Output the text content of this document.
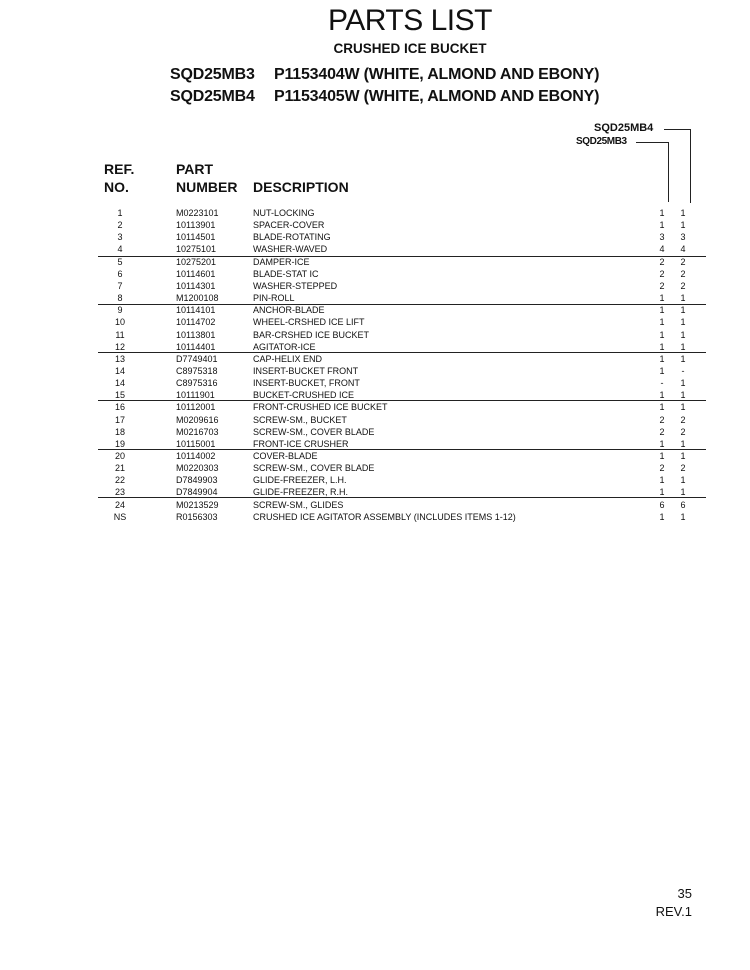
PARTS LIST
CRUSHED ICE BUCKET
SQD25MB3 P1153404W (WHITE, ALMOND AND EBONY)
SQD25MB4 P1153405W (WHITE, ALMOND AND EBONY)
SQD25MB4
SQD25MB3
REF.
NO.
PART
NUMBER DESCRIPTION
1	M0223101	NUT-LOCKING	1	1
2	10113901	SPACER-COVER	1	1
3	10114501	BLADE-ROTATING	3	3
4	10275101	WASHER-WAVED	4	4
5	10275201	DAMPER-ICE	2	2
6	10114601	BLADE-STAT IC	2	2
7	10114301	WASHER-STEPPED	2	2
8	M1200108	PIN-ROLL	1	1
9	10114101	ANCHOR-BLADE	1	1
10	10114702	WHEEL-CRSHED ICE LIFT	1	1
11	10113801	BAR-CRSHED ICE BUCKET	1	1
12	10114401	AGITATOR-ICE	1	1
13	D7749401	CAP-HELIX END	1	1
14	C8975318	INSERT-BUCKET FRONT	1	-
14	C8975316	INSERT-BUCKET, FRONT	-	1
15	10111901	BUCKET-CRUSHED ICE	1	1
16	10112001	FRONT-CRUSHED ICE BUCKET	1	1
17	M0209616	SCREW-SM., BUCKET	2	2
18	M0216703	SCREW-SM., COVER BLADE	2	2
19	10115001	FRONT-ICE CRUSHER	1	1
20	10114002	COVER-BLADE	1	1
21	M0220303	SCREW-SM., COVER BLADE	2	2
22	D7849903	GLIDE-FREEZER, L.H.	1	1
23	D7849904	GLIDE-FREEZER, R.H.	1	1
24	M0213529	SCREW-SM., GLIDES	6	6
NS	R0156303	CRUSHED ICE AGITATOR ASSEMBLY (INCLUDES ITEMS 1-12)	1	1
35
REV.1
